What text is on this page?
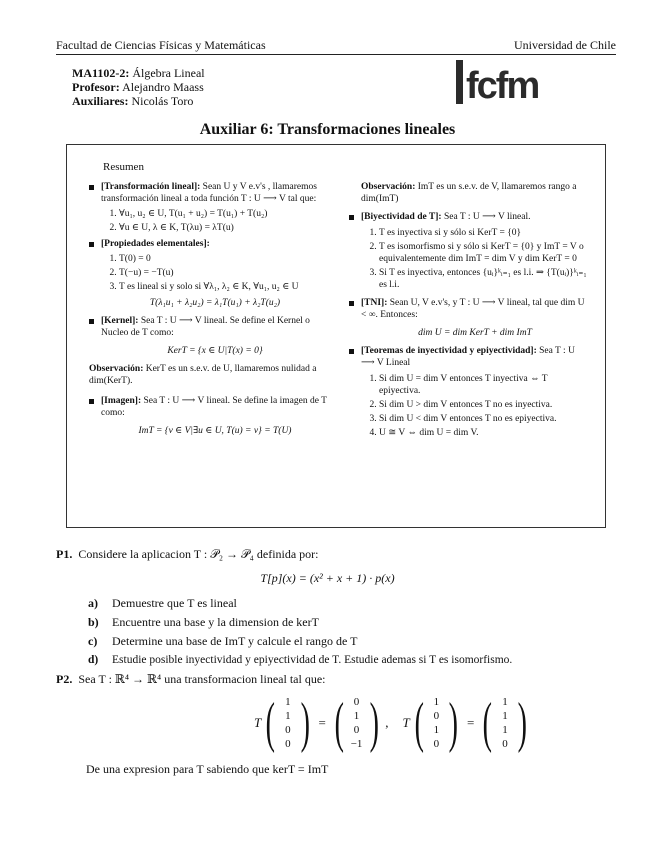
Facultad de Ciencias Físicas y Matemáticas	Universidad de Chile
MA1102-2: Álgebra Lineal
Profesor: Alejandro Maass
Auxiliares: Nicolás Toro	fcfm
Auxiliar 6: Transformaciones lineales
Resumen

[Transformación lineal]: Sean U y V e.v's , llamaremos transformación lineal a toda función T : U ⟶ V tal que:

1. ∀u₁, u₂ ∈ U, T(u₁ + u₂) = T(u₁) + T(u₂)
2. ∀u ∈ U, λ ∈ K, T(λu) = λT(u)

[Propiedades elementales]:

1. T(0) = 0
2. T(−u) = −T(u)
3. T es lineal si y solo si ∀λ₁, λ₂ ∈ K, ∀u₁, u₂ ∈ U

T(λ₁u₁ + λ₂u₂) = λ₁T(u₁) + λ₂T(u₂)

[Kernel]: Sea T : U ⟶ V lineal. Se define el Kernel o Nucleo de T como:

KerT = {x ∈ U|T(x) = 0}

Observación: KerT es un s.e.v. de U, llamaremos nulidad a dim(KerT).

[Imagen]: Sea T : U ⟶ V lineal. Se define la imagen de T como:

ImT = {v ∈ V|∃u ∈ U, T(u) = v} = T(U)

Observación: ImT es un s.e.v. de V, llamaremos rango a dim(ImT)

[Biyectividad de T]: Sea T : U ⟶ V lineal.

1. T es inyectiva si y sólo si KerT = {0}
2. T es isomorfismo si y sólo si KerT = {0} y ImT = V o equivalentemente dim ImT = dim V y dim KerT = 0
3. Si T es inyectiva, entonces {uᵢ}ᵏᵢ₌₁ es l.i. ⇒ {T(uᵢ)}ᵏᵢ₌₁ es l.i.

[TNI]: Sean U, V e.v's, y T : U ⟶ V lineal, tal que dim U < ∞. Entonces:

dim U = dim KerT + dim ImT

[Teoremas de inyectividad y epiyectividad]: Sea T : U ⟶ V Lineal

1. Si dim U = dim V entonces T inyectiva ⇔ T epiyectiva.
2. Si dim U > dim V entonces T no es inyectiva.
3. Si dim U < dim V entonces T no es epiyectiva.
4. U ≅ V ⇔ dim U = dim V.
P1. Considere la aplicacion T : 𝒫₂ → 𝒫₄ definida por:
T[p](x) = (x² + x + 1) · p(x)
a) Demuestre que T es lineal
b) Encuentre una base y la dimension de kerT
c) Determine una base de ImT y calcule el rango de T
d) Estudie posible inyectividad y epiyectividad de T. Estudie ademas si T es isomorfismo.
P2. Sea T : ℝ⁴ → ℝ⁴ una transformacion lineal tal que:
T ( 1
1
0
0 ) = ( 0
1
0
−1 ) , T ( 1
0
1
0 ) = ( 1
1
1
0 )
De una expresion para T sabiendo que kerT = ImT
